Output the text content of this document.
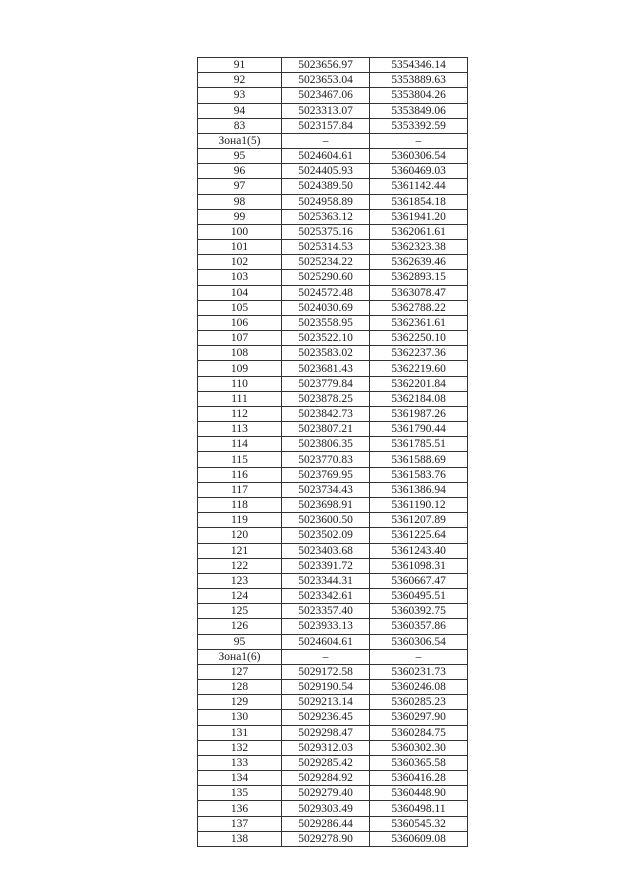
91	5023656.97	5354346.14
92	5023653.04	5353889.63
93	5023467.06	5353804.26
94	5023313.07	5353849.06
83	5023157.84	5353392.59
Зона1(5)	–	–
95	5024604.61	5360306.54
96	5024405.93	5360469.03
97	5024389.50	5361142.44
98	5024958.89	5361854.18
99	5025363.12	5361941.20
100	5025375.16	5362061.61
101	5025314.53	5362323.38
102	5025234.22	5362639.46
103	5025290.60	5362893.15
104	5024572.48	5363078.47
105	5024030.69	5362788.22
106	5023558.95	5362361.61
107	5023522.10	5362250.10
108	5023583.02	5362237.36
109	5023681.43	5362219.60
110	5023779.84	5362201.84
111	5023878.25	5362184.08
112	5023842.73	5361987.26
113	5023807.21	5361790.44
114	5023806.35	5361785.51
115	5023770.83	5361588.69
116	5023769.95	5361583.76
117	5023734.43	5361386.94
118	5023698.91	5361190.12
119	5023600.50	5361207.89
120	5023502.09	5361225.64
121	5023403.68	5361243.40
122	5023391.72	5361098.31
123	5023344.31	5360667.47
124	5023342.61	5360495.51
125	5023357.40	5360392.75
126	5023933.13	5360357.86
95	5024604.61	5360306.54
Зона1(6)	–	–
127	5029172.58	5360231.73
128	5029190.54	5360246.08
129	5029213.14	5360285.23
130	5029236.45	5360297.90
131	5029298.47	5360284.75
132	5029312.03	5360302.30
133	5029285.42	5360365.58
134	5029284.92	5360416.28
135	5029279.40	5360448.90
136	5029303.49	5360498.11
137	5029286.44	5360545.32
138	5029278.90	5360609.08
